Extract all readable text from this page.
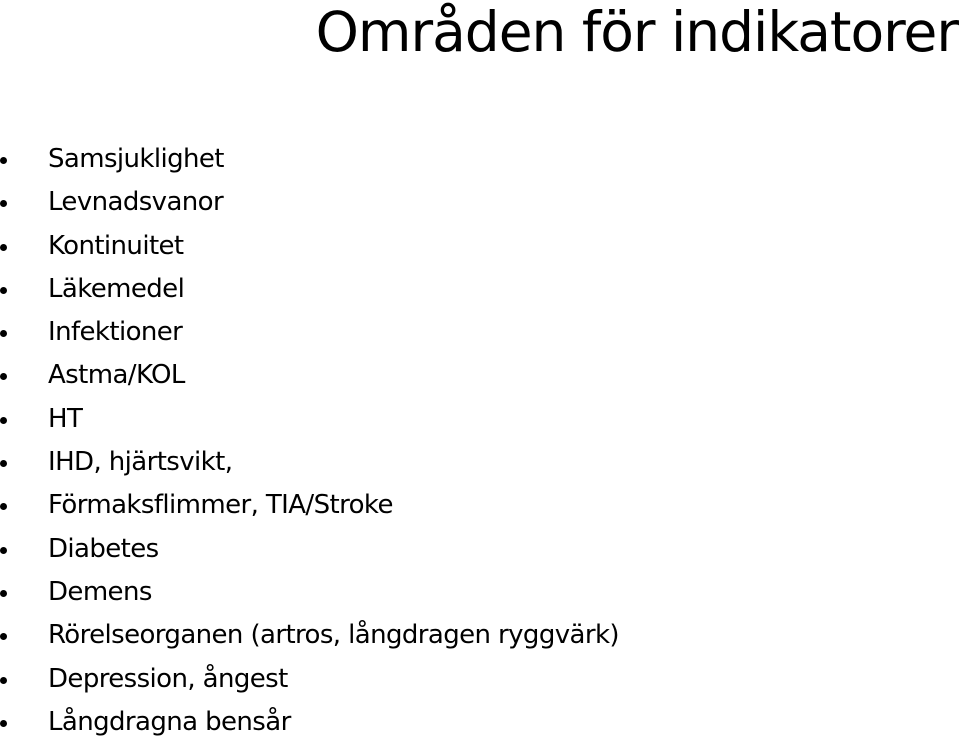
Områden för indikatorer
Samsjuklighet
Levnadsvanor
Kontinuitet
Läkemedel
Infektioner
Astma/KOL
HT
IHD, hjärtsvikt,
Förmaksflimmer, TIA/Stroke
Diabetes
Demens
Rörelseorganen (artros, långdragen ryggvärk)
Depression, ångest
Långdragna bensår
